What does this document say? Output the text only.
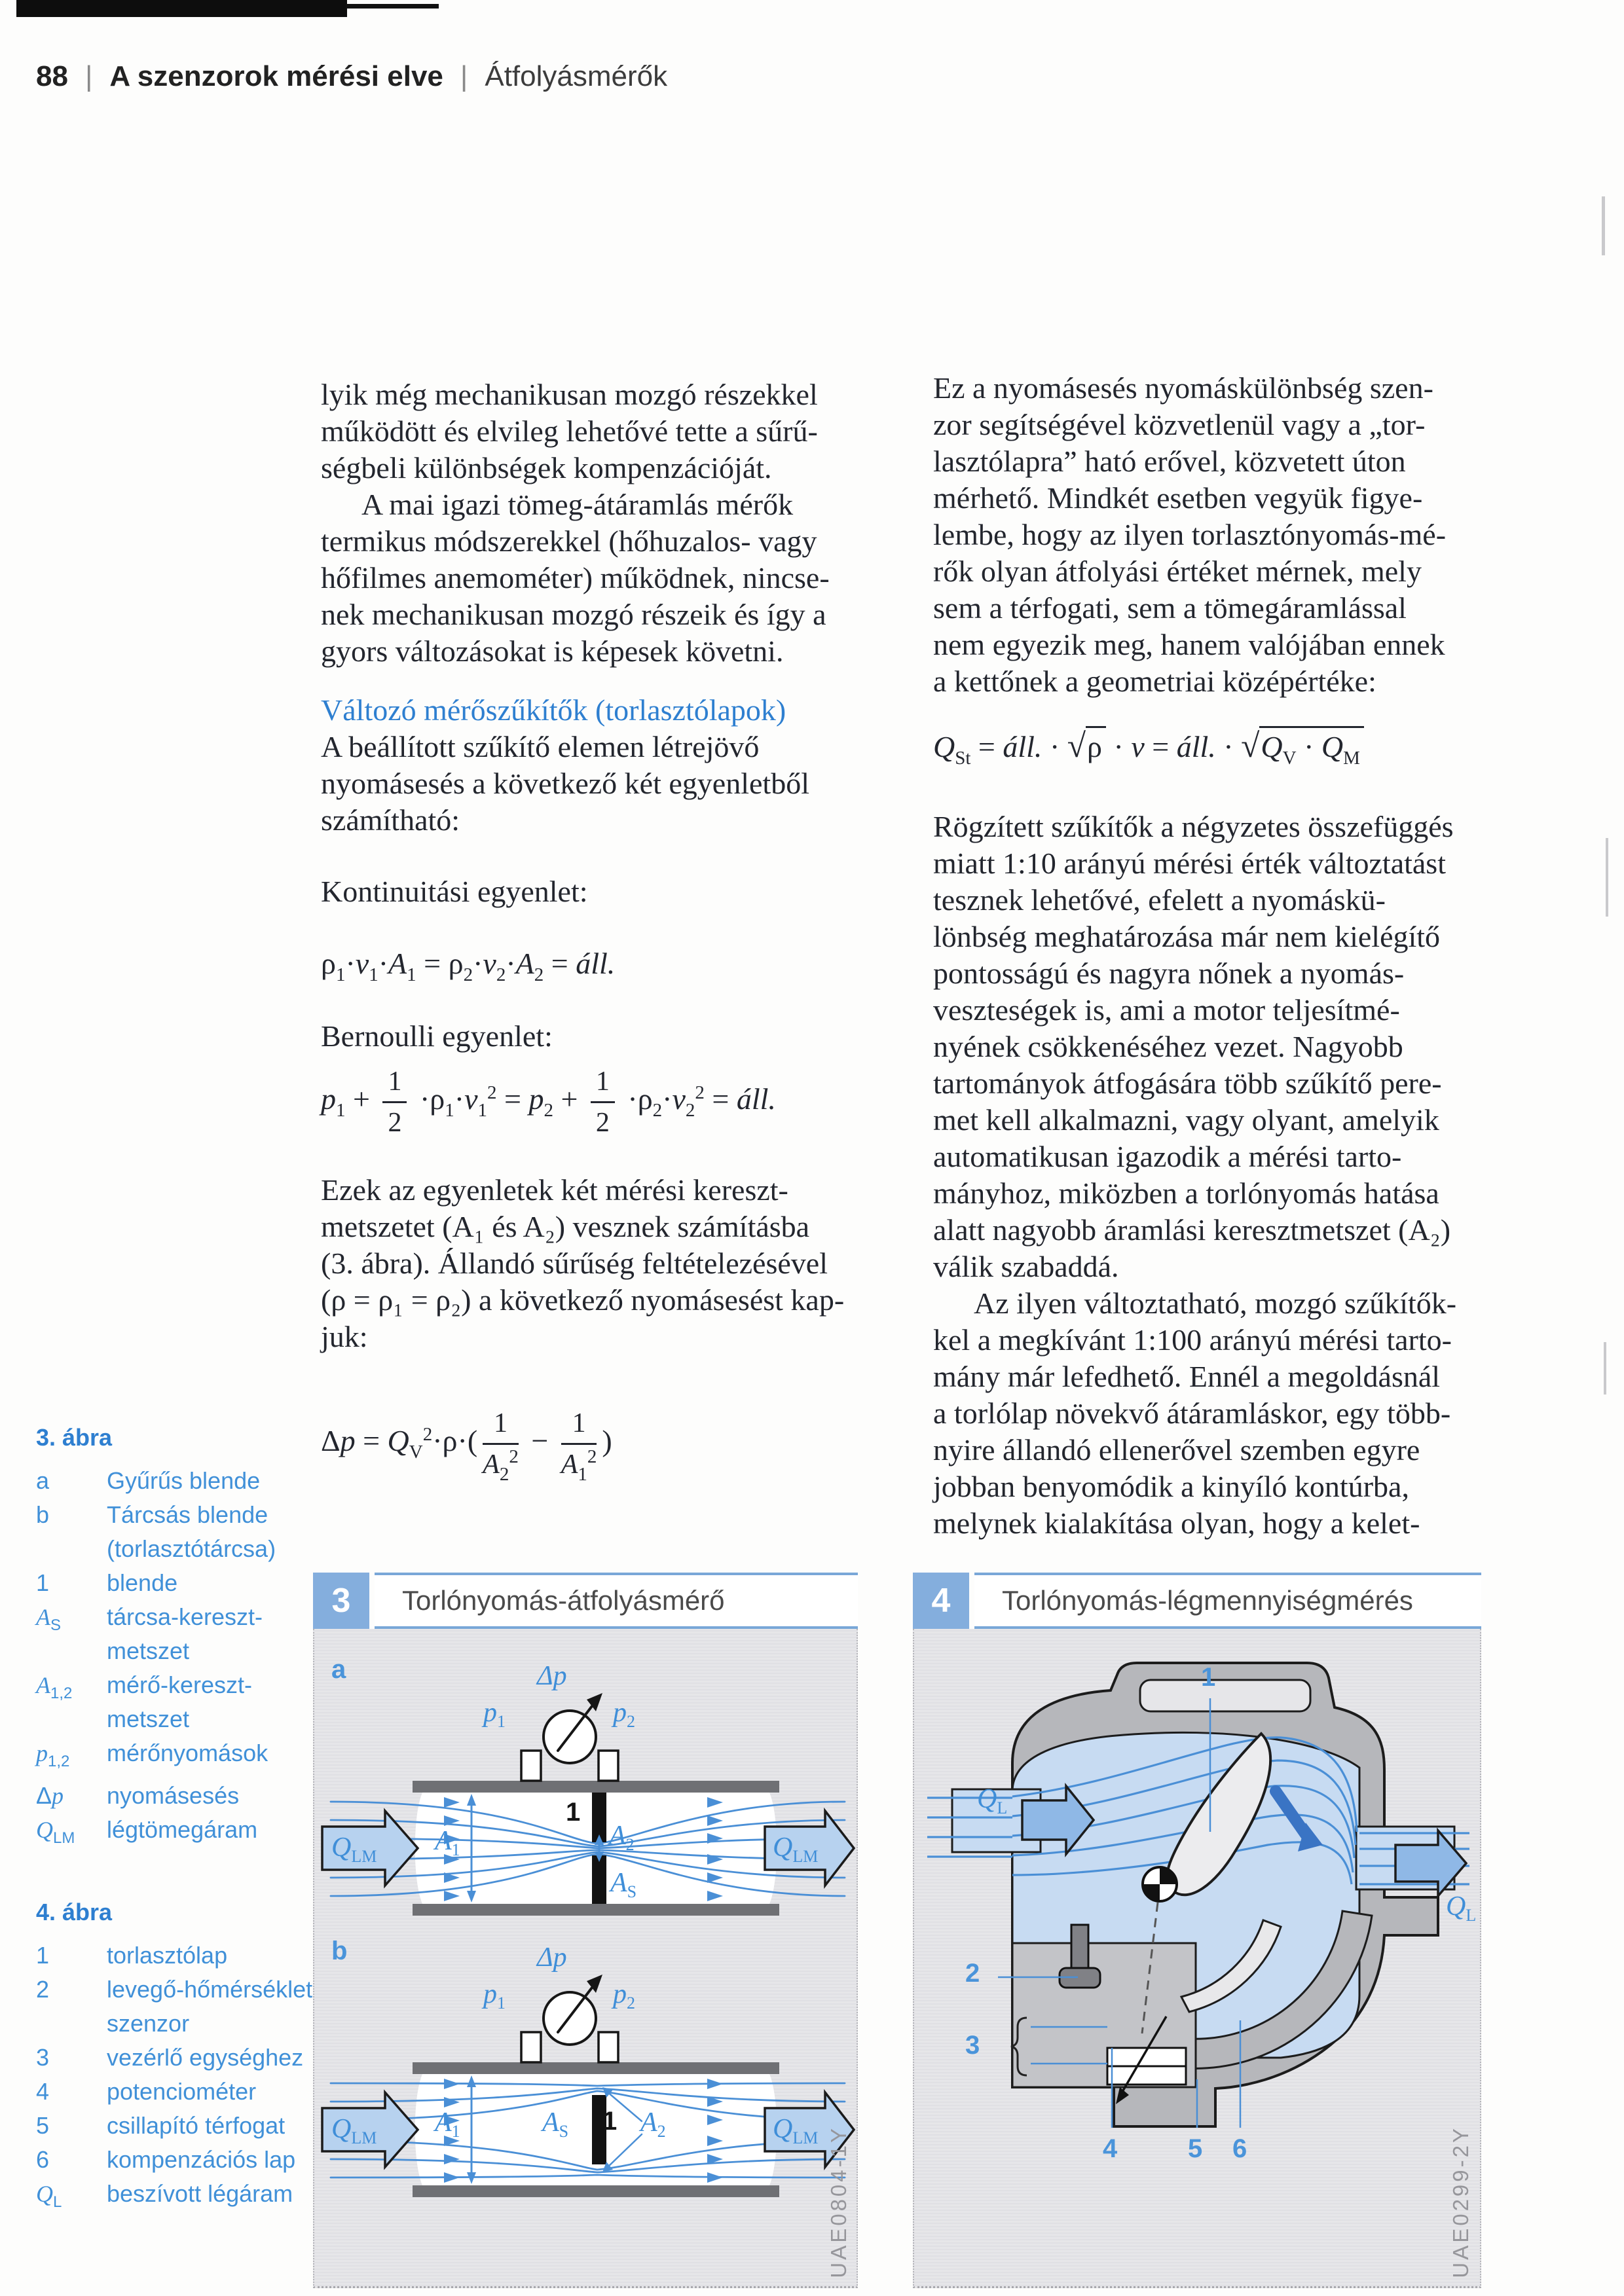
88 | A szenzorok mérési elve | Átfolyásmérők
lyik még mechanikusan mozgó részekkel
működött és elvileg lehetővé tette a sűrű-
ségbeli különbségek kompenzációját.
A mai igazi tömeg-átáramlás mérők
termikus módszerekkel (hőhuzalos- vagy
hőfilmes anemométer) működnek, nincse-
nek mechanikusan mozgó részeik és így a
gyors változásokat is képesek követni.
Változó mérőszűkítők (torlasztólapok)
A beállított szűkítő elemen létrejövő
nyomásesés a következő két egyenletből
számítható:
Kontinuitási egyenlet:
$\rho_1\cdot v_1\cdot A_1 = \rho_2\cdot v_2\cdot A_2$ = áll.
Bernoulli egyenlet:
$p_1 + \frac{1}{2} \cdot\rho_1\cdot v_1^2 = p_2 + \frac{1}{2} \cdot\rho_2\cdot v_2^2$ = áll.
Ezek az egyenletek két mérési kereszt-
metszetet (A₁ és A₂) vesznek számításba
(3. ábra). Állandó sűrűség feltételezésével
(ρ = ρ₁ = ρ₂) a következő nyomásesést kap-
juk:
$\Delta p = Q_V^2\cdot\rho\cdot( \frac{1}{A_2^2} - \frac{1}{A_1^2}$ )
Ez a nyomásesés nyomáskülönbség szen-
zor segítségével közvetlenül vagy a „tor-
lasztólapra” ható erővel, közvetett úton
mérhető. Mindkét esetben vegyük figye-
lembe, hogy az ilyen torlasztónyomás-mé-
rők olyan átfolyási értéket mérnek, mely
sem a térfogati, sem a tömegáramlással
nem egyezik meg, hanem valójában ennek
a kettőnek a geometriai középértéke:
$Q_{St}$ = áll. · √ρ · v = áll. · $√Q_V \cdot Q_M$
Rögzített szűkítők a négyzetes összefüggés
miatt 1:10 arányú mérési érték változtatást
tesznek lehetővé, efelett a nyomáskü-
lönbség meghatározása már nem kielégítő
pontosságú és nagyra nőnek a nyomás-
veszteségek is, ami a motor teljesítmé-
nyének csökkenéséhez vezet. Nagyobb
tartományok átfogására több szűkítő pere-
met kell alkalmazni, vagy olyant, amelyik
automatikusan igazodik a mérési tarto-
mányhoz, miközben a torlónyomás hatása
alatt nagyobb áramlási keresztmetszet (A₂)
válik szabaddá.
Az ilyen változtatható, mozgó szűkítők-
kel a megkívánt 1:100 arányú mérési tarto-
mány már lefedhető. Ennél a megoldásnál
a torlólap növekvő átáramláskor, egy több-
nyire állandó ellenerővel szemben egyre
jobban benyomódik a kinyíló kontúrba,
melynek kialakítása olyan, hogy a kelet-
3. ábra
a	Gyűrűs blende
b	Tárcsás blende
(torlasztótárcsa)
1	blende
$A_S$	tárcsa-kereszt-
metszet
$A_{1,2}$	mérő-kereszt-
metszet
$p_{1,2}$	mérőnyomások
Δp	nyomásesés
$Q_{LM}$	légtömegáram
4. ábra
1	torlasztólap
2	levegő-hőmérséklet
szenzor
3	vezérlő egységhez
4	potenciométer
5	csillapító térfogat
6	kompenzációs lap
$Q_L$	beszívott légáram
3	Torlónyomás-átfolyásmérő
a
$p_1$
Δp
$p_2$
1
$A_1$	$A_2$
$A_S$
$Q_{LM}$	$Q_{LM}$
b
$p_1$
Δp
$p_2$
$A_1$	$A_S$ 1 $A_2$
$Q_{LM}$	$Q_{LM}$ UAE0804-1Y
4	Torlónyomás-légmennyiségmérés
1
$Q_L$
$Q_L$
2
3
4	5 6	UAE0299-2Y
